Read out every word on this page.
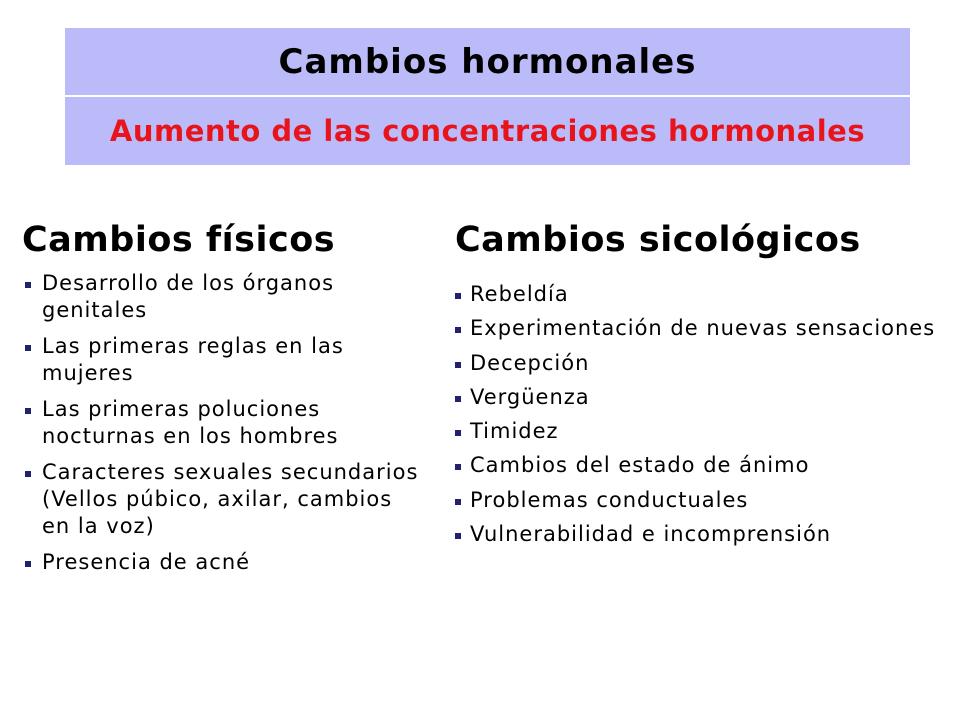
Cambios hormonales
Aumento de las concentraciones hormonales
Cambios físicos	Cambios sicológicos
Desarrollo de los órganos
genitales
Las primeras reglas en las
mujeres
Las primeras poluciones
nocturnas en los hombres
Caracteres sexuales secundarios
(Vellos púbico, axilar, cambios
en la voz)
Presencia de acné
Rebeldía
Experimentación de nuevas sensaciones
Decepción
Vergüenza
Timidez
Cambios del estado de ánimo
Problemas conductuales
Vulnerabilidad e incomprensión
